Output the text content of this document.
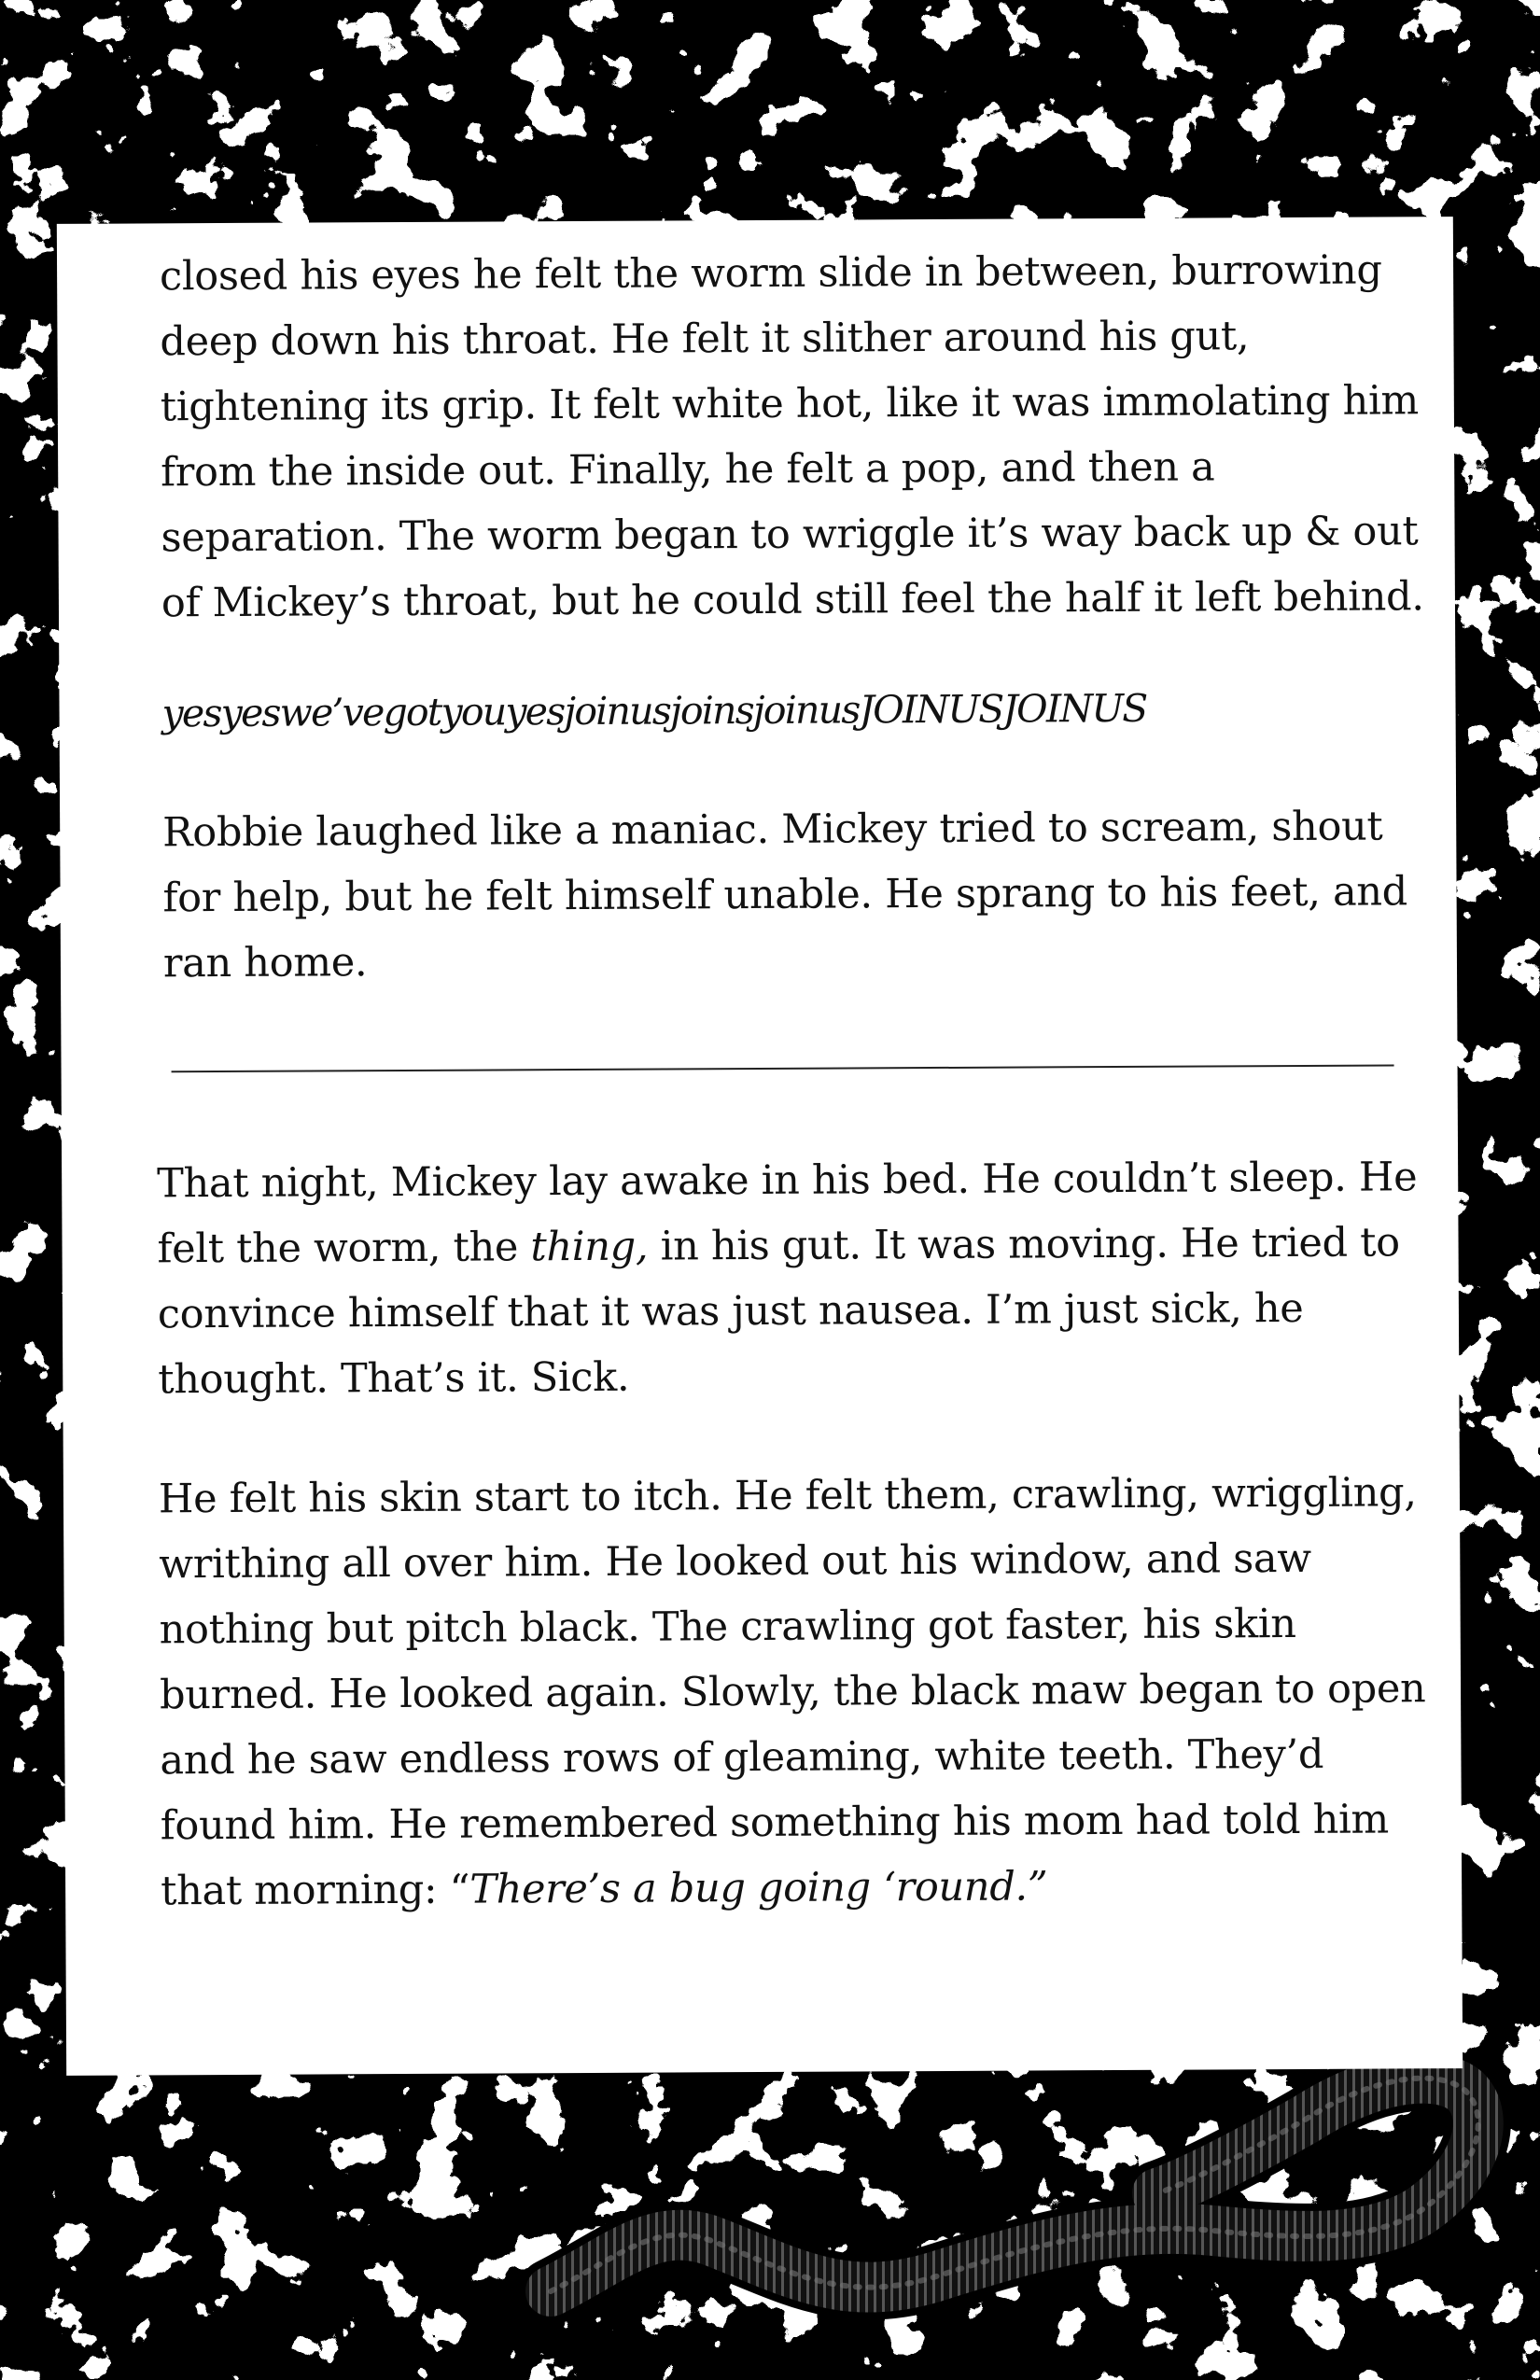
closed his eyes he felt the worm slide in between, burrowing deep down his throat. He felt it slither around his gut, tightening its grip. It felt white hot, like it was immolating him from the inside out. Finally, he felt a pop, and then a separation. The worm began to wriggle it’s way back up & out of Mickey’s throat, but he could still feel the half it left behind.

yesyeswe’vegotyouyesjoinusjoinsjoinusJOINUSJOINUS

Robbie laughed like a maniac. Mickey tried to scream, shout for help, but he felt himself unable. He sprang to his feet, and ran home.

That night, Mickey lay awake in his bed. He couldn’t sleep. He felt the worm, the thing, in his gut. It was moving. He tried to convince himself that it was just nausea. I’m just sick, he thought. That’s it. Sick.

He felt his skin start to itch. He felt them, crawling, wriggling, writhing all over him. He looked out his window, and saw nothing but pitch black. The crawling got faster, his skin burned. He looked again. Slowly, the black maw began to open and he saw endless rows of gleaming, white teeth. They’d found him. He remembered something his mom had told him that morning: “There’s a bug going ‘round.”
